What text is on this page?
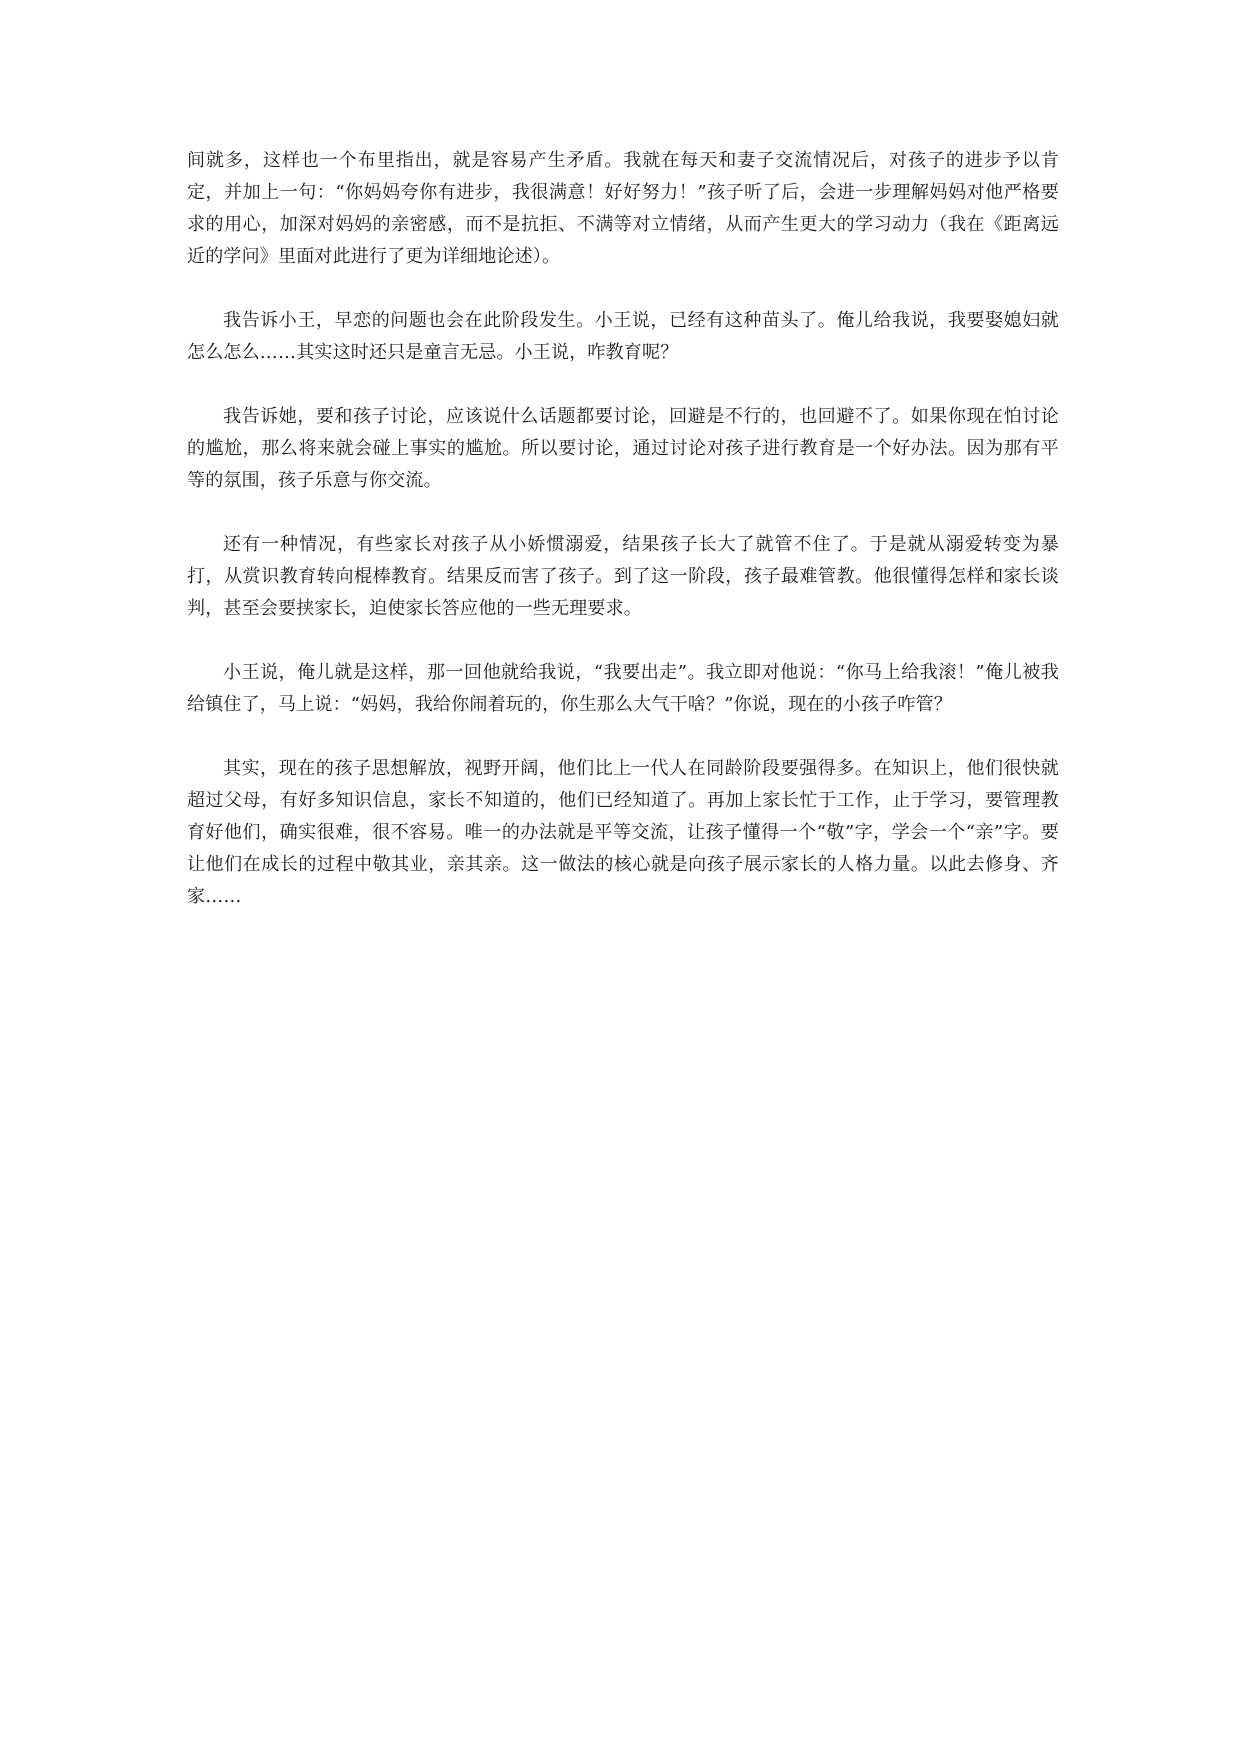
间就多，这样也一个布里指出，就是容易产生矛盾。我就在每天和妻子交流情况后，对孩子的进步予以肯定，并加上一句：“你妈妈夸你有进步，我很满意！好好努力！”孩子听了后，会进一步理解妈妈对他严格要求的用心，加深对妈妈的亲密感，而不是抗拒、不满等对立情绪，从而产生更大的学习动力（我在《距离远近的学问》里面对此进行了更为详细地论述）。

我告诉小王，早恋的问题也会在此阶段发生。小王说，已经有这种苗头了。俺儿给我说，我要娶媳妇就怎么怎么……其实这时还只是童言无忌。小王说，咋教育呢？

我告诉她，要和孩子讨论，应该说什么话题都要讨论，回避是不行的，也回避不了。如果你现在怕讨论的尴尬，那么将来就会碰上事实的尴尬。所以要讨论，通过讨论对孩子进行教育是一个好办法。因为那有平等的氛围，孩子乐意与你交流。

还有一种情况，有些家长对孩子从小娇惯溺爱，结果孩子长大了就管不住了。于是就从溺爱转变为暴打，从赏识教育转向棍棒教育。结果反而害了孩子。到了这一阶段，孩子最难管教。他很懂得怎样和家长谈判，甚至会要挟家长，迫使家长答应他的一些无理要求。

小王说，俺儿就是这样，那一回他就给我说，“我要出走”。我立即对他说：“你马上给我滚！”俺儿被我给镇住了，马上说：“妈妈，我给你闹着玩的，你生那么大气干啥？”你说，现在的小孩子咋管？

其实，现在的孩子思想解放，视野开阔，他们比上一代人在同龄阶段要强得多。在知识上，他们很快就超过父母，有好多知识信息，家长不知道的，他们已经知道了。再加上家长忙于工作，止于学习，要管理教育好他们，确实很难，很不容易。唯一的办法就是平等交流，让孩子懂得一个“敬”字，学会一个“亲”字。要让他们在成长的过程中敬其业，亲其亲。这一做法的核心就是向孩子展示家长的人格力量。以此去修身、齐家……
